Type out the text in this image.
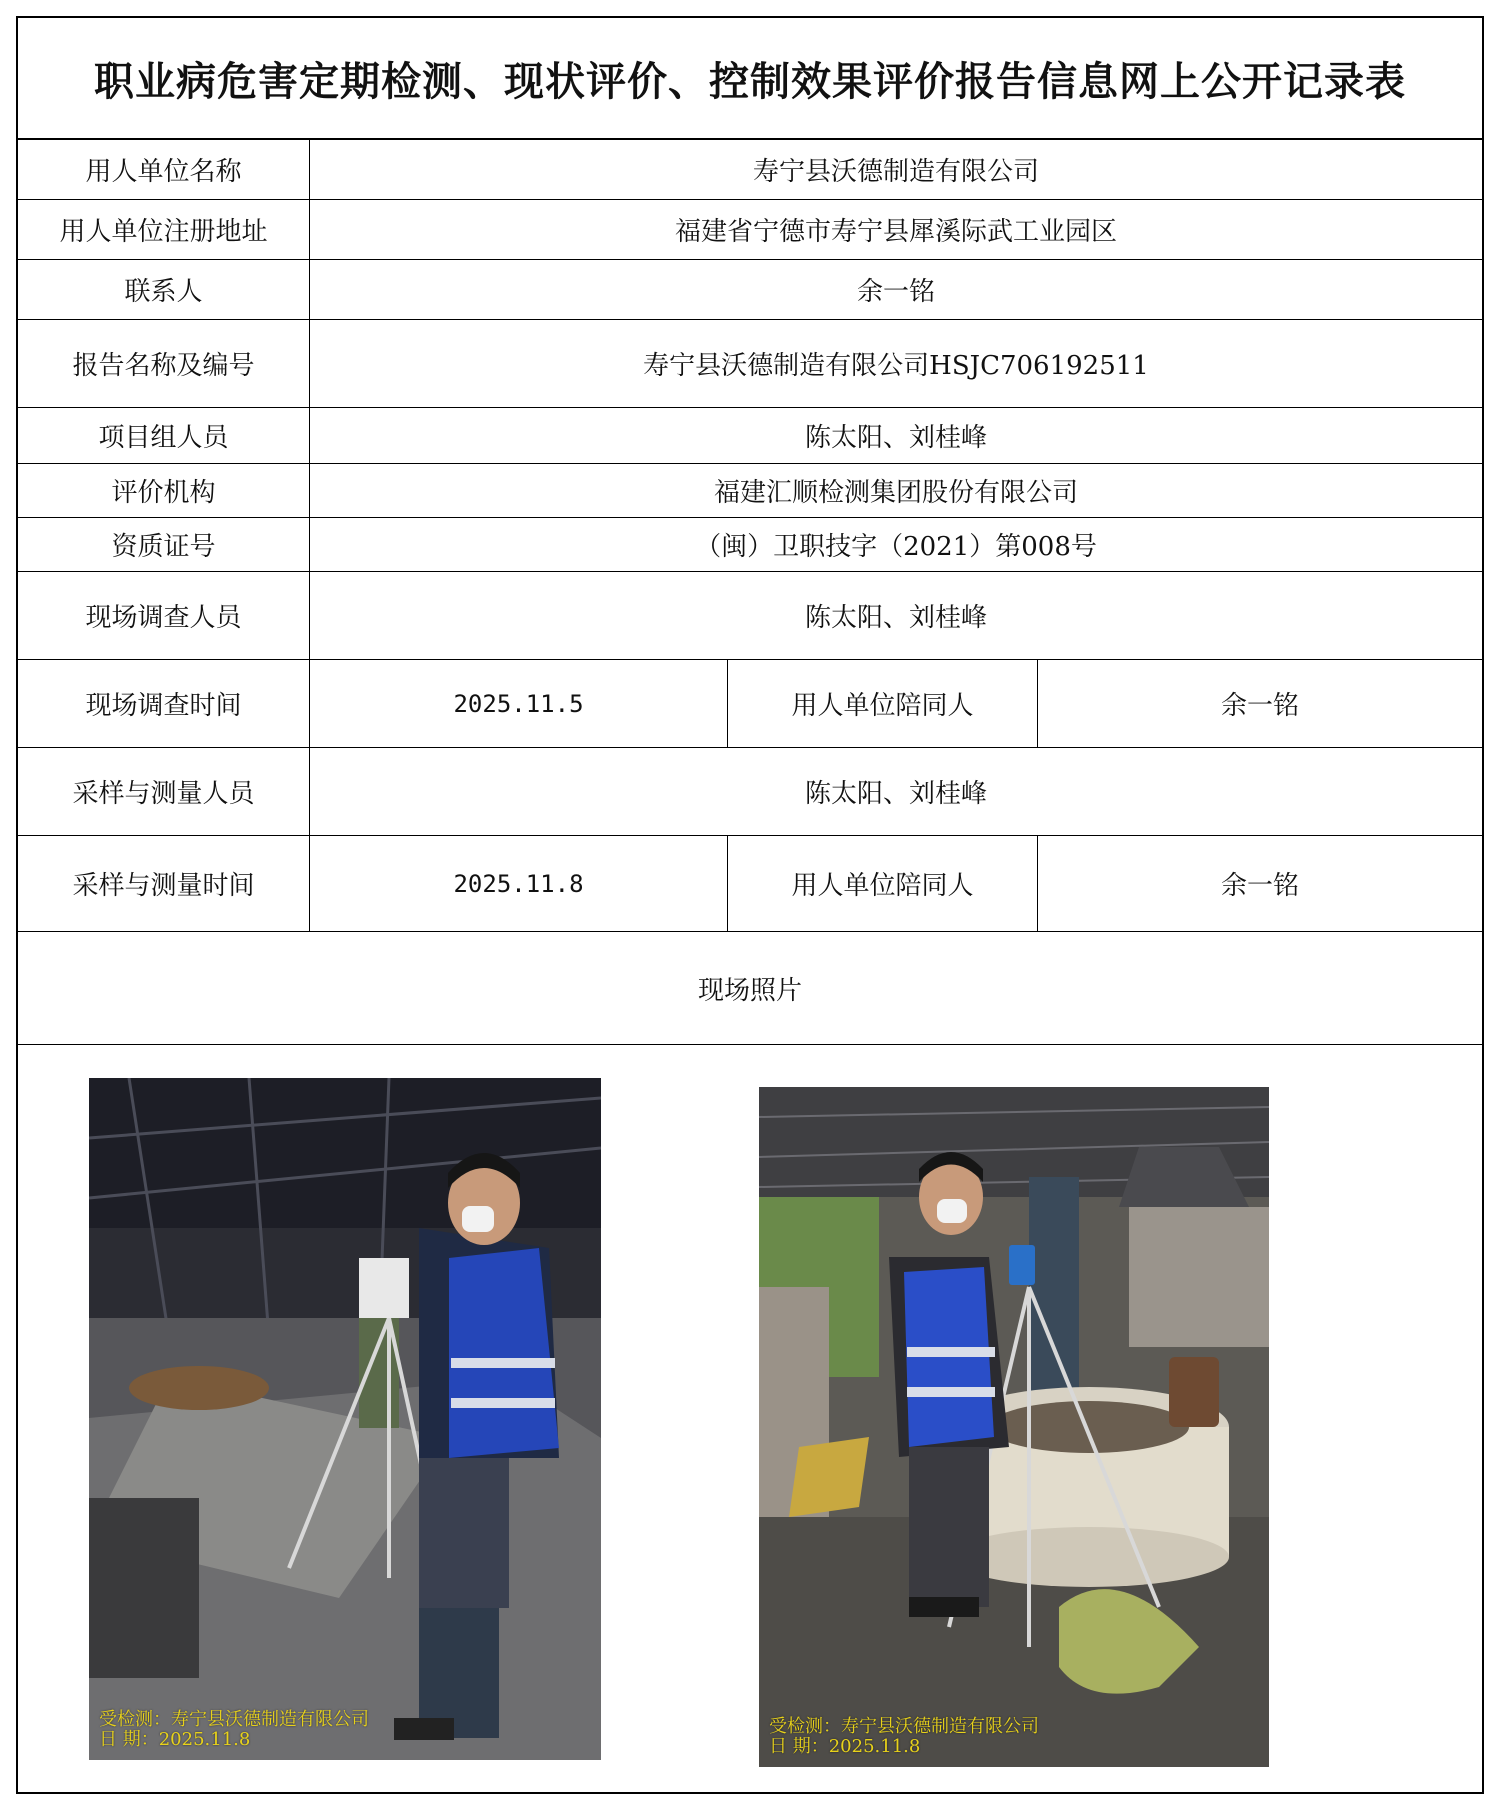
职业病危害定期检测、现状评价、控制效果评价报告信息网上公开记录表
用人单位名称	寿宁县沃德制造有限公司
用人单位注册地址	福建省宁德市寿宁县犀溪际武工业园区
联系人	余一铭
报告名称及编号	寿宁县沃德制造有限公司HSJC706192511
项目组人员	陈太阳、刘桂峰
评价机构	福建汇顺检测集团股份有限公司
资质证号	（闽）卫职技字（2021）第008号
现场调查人员	陈太阳、刘桂峰
现场调查时间	2025.11.5	用人单位陪同人	余一铭
采样与测量人员	陈太阳、刘桂峰
采样与测量时间	2025.11.8	用人单位陪同人	余一铭
现场照片
受检测：寿宁县沃德制造有限公司
日 期：2025.11.8
受检测：寿宁县沃德制造有限公司
日 期：2025.11.8
